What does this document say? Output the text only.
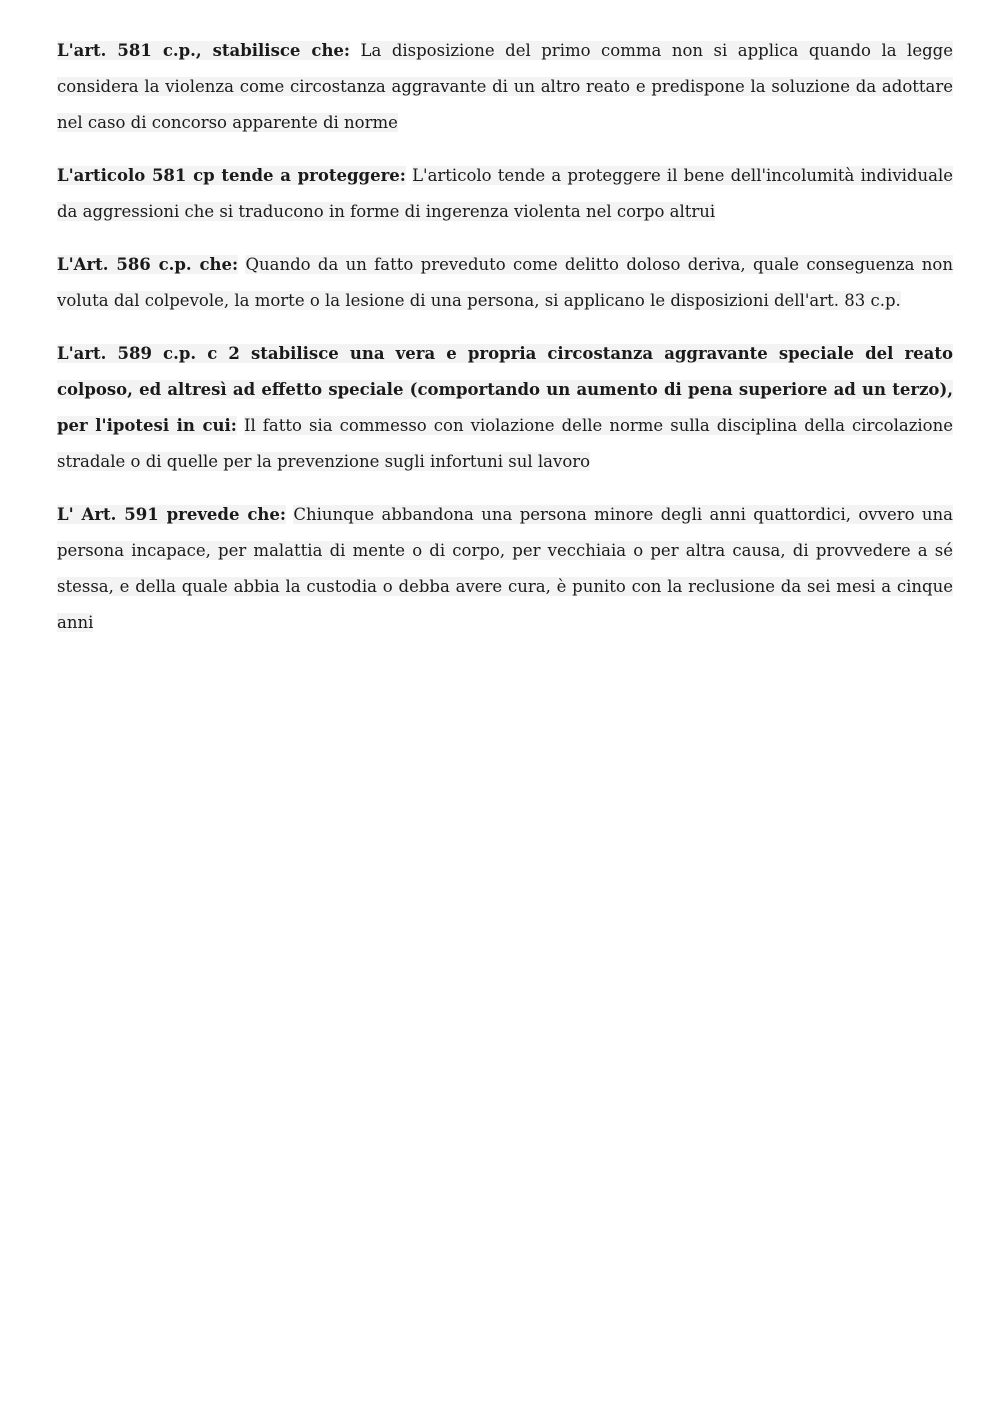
L'art. 581 c.p., stabilisce che: La disposizione del primo comma non si applica quando la legge considera la violenza come circostanza aggravante di un altro reato e predispone la soluzione da adottare nel caso di concorso apparente di norme

L'articolo 581 cp tende a proteggere: L'articolo tende a proteggere il bene dell'incolumità individuale da aggressioni che si traducono in forme di ingerenza violenta nel corpo altrui

L'Art. 586 c.p. che: Quando da un fatto preveduto come delitto doloso deriva, quale conseguenza non voluta dal colpevole, la morte o la lesione di una persona, si applicano le disposizioni dell'art. 83 c.p.

L'art. 589 c.p. c 2 stabilisce una vera e propria circostanza aggravante speciale del reato colposo, ed altresì ad effetto speciale (comportando un aumento di pena superiore ad un terzo), per l'ipotesi in cui: Il fatto sia commesso con violazione delle norme sulla disciplina della circolazione stradale o di quelle per la prevenzione sugli infortuni sul lavoro

L' Art. 591 prevede che: Chiunque abbandona una persona minore degli anni quattordici, ovvero una persona incapace, per malattia di mente o di corpo, per vecchiaia o per altra causa, di provvedere a sé stessa, e della quale abbia la custodia o debba avere cura, è punito con la reclusione da sei mesi a cinque anni
